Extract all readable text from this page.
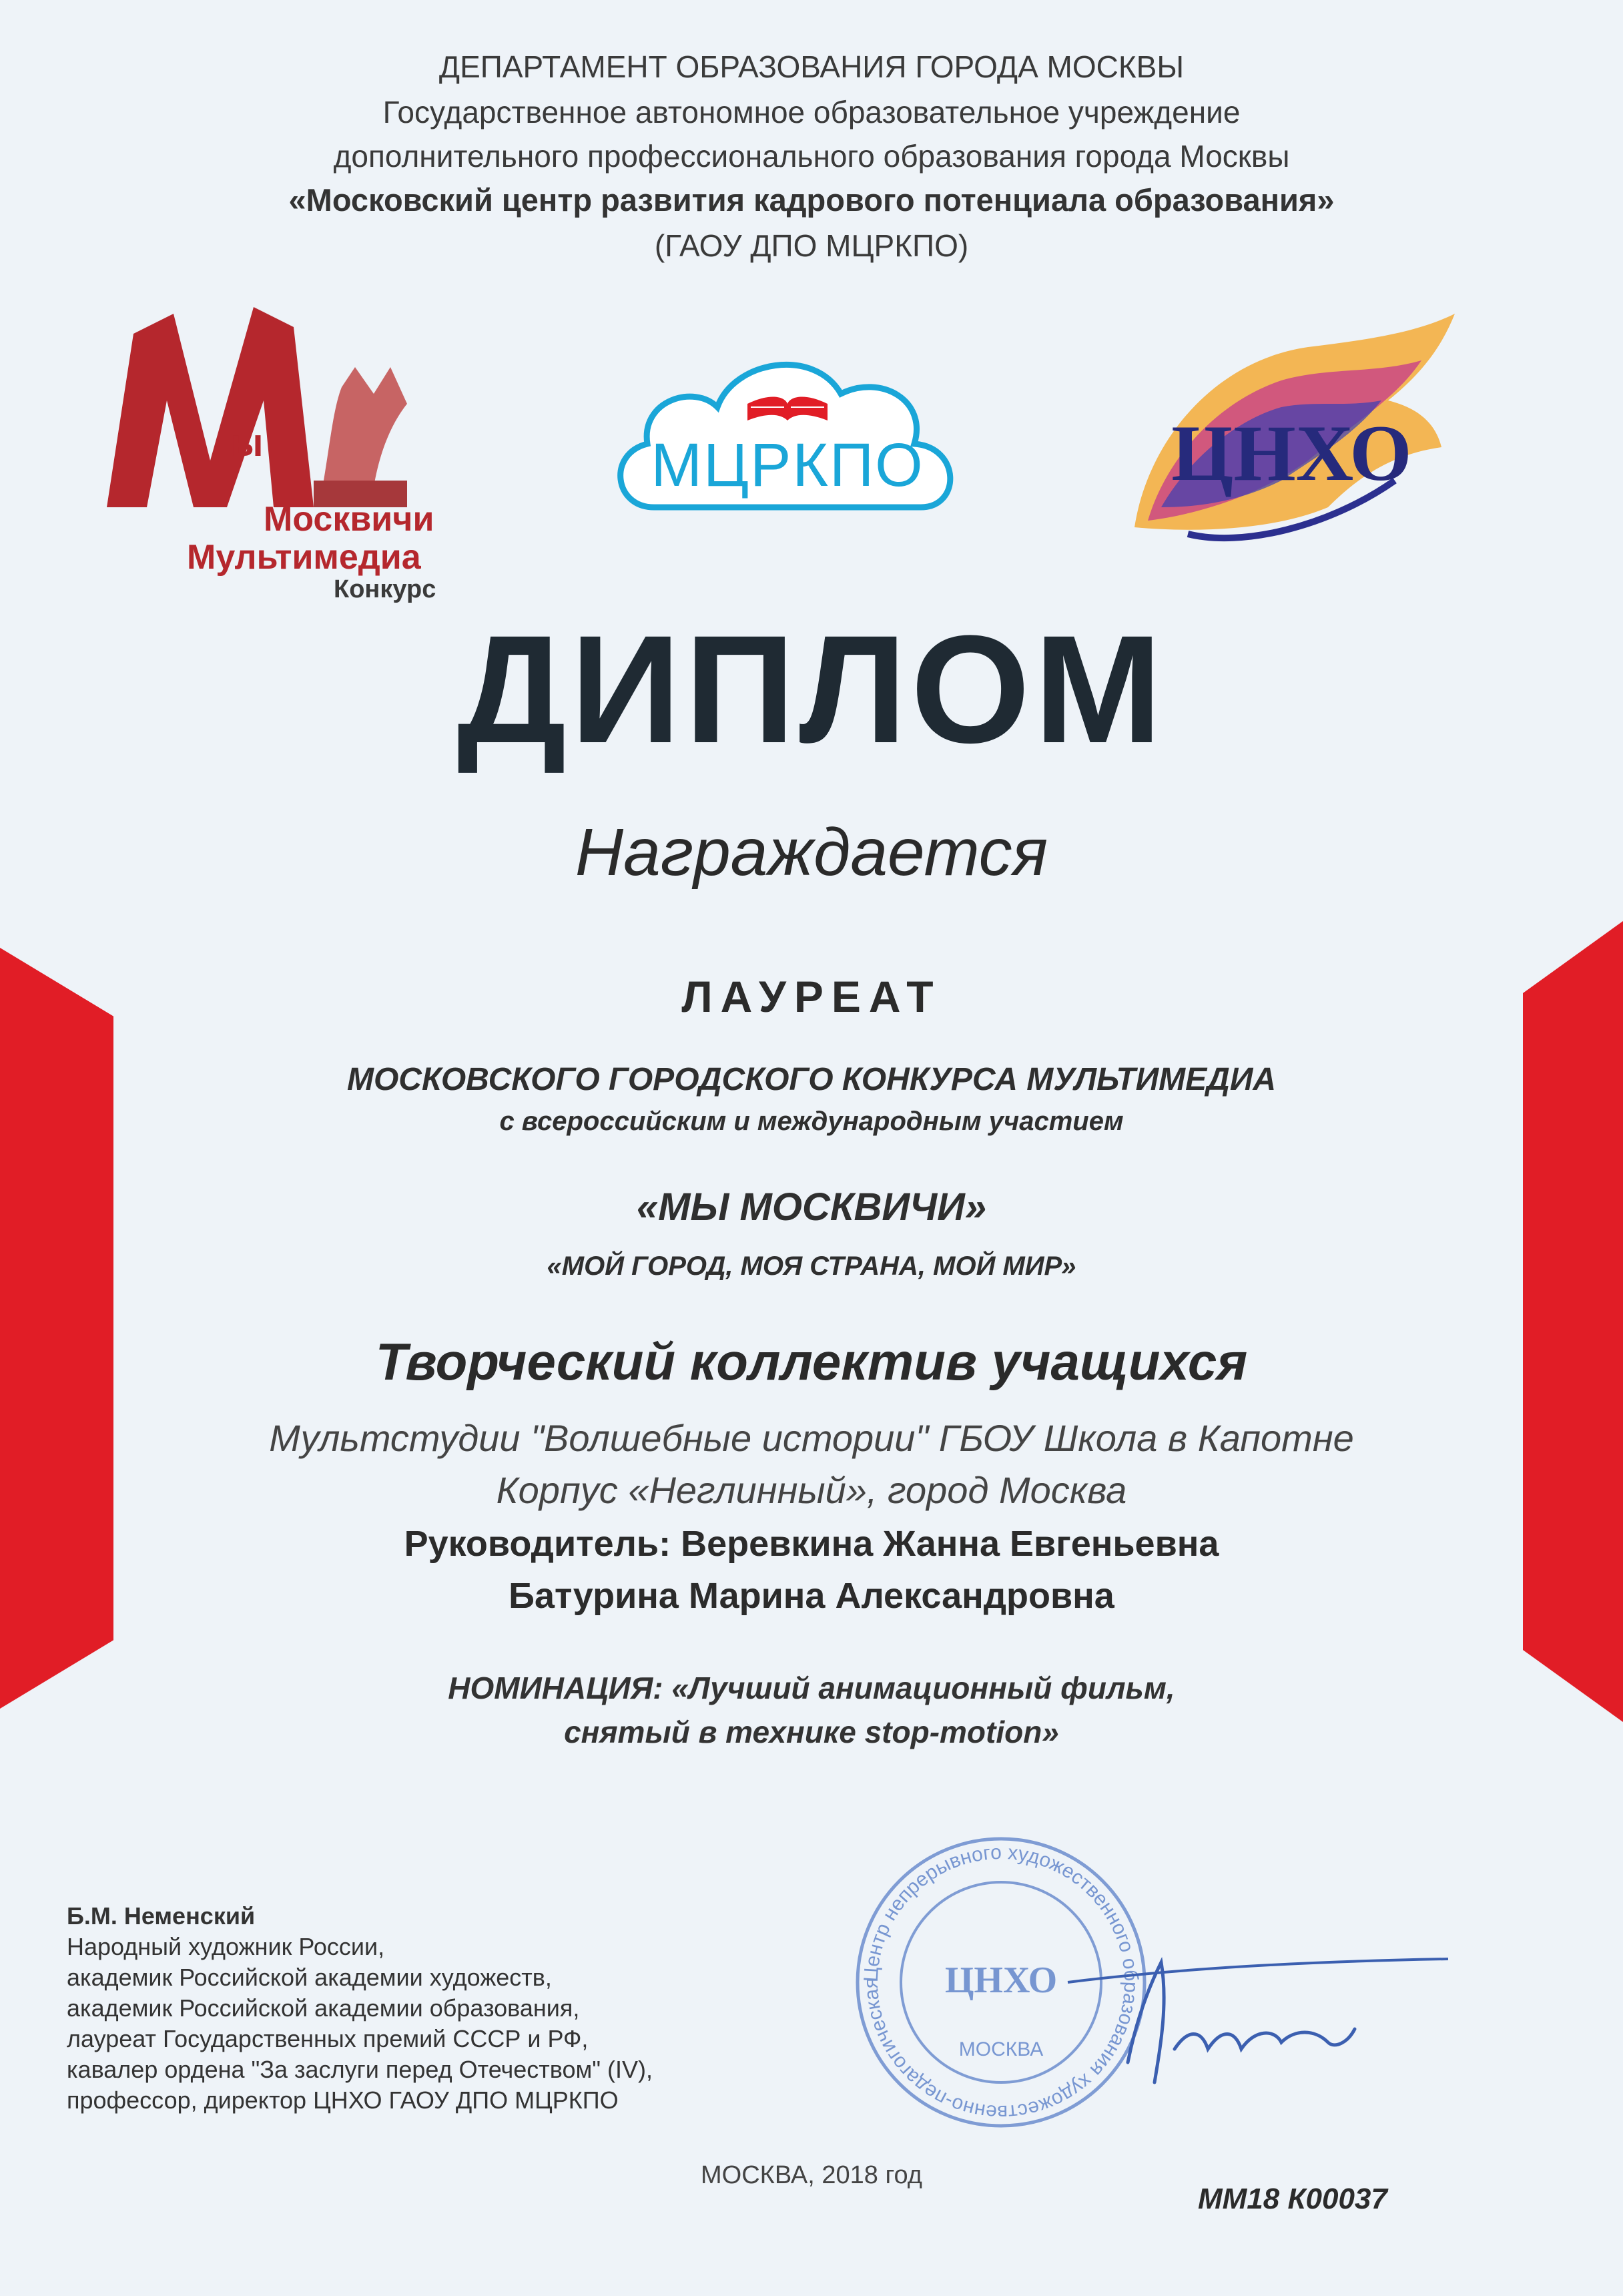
ДЕПАРТАМЕНТ ОБРАЗОВАНИЯ ГОРОДА МОСКВЫ
Государственное автономное образовательное учреждение
дополнительного профессионального образования города Москвы
«Московский центр развития кадрового потенциала образования»
(ГАОУ ДПО МЦРКПО)
ы
Москвичи
Мультимедиа
Конкурс
МЦРКПО	ЦНХО
ДИПЛОМ
Награждается
ЛАУРЕАТ
МОСКОВСКОГО ГОРОДСКОГО КОНКУРСА МУЛЬТИМЕДИА
с всероссийским и международным участием
«МЫ МОСКВИЧИ»
«МОЙ ГОРОД, МОЯ СТРАНА, МОЙ МИР»
Творческий коллектив учащихся
Мультстудии "Волшебные истории" ГБОУ Школа в Капотне
Корпус «Неглинный», город Москва
Руководитель: Веревкина Жанна Евгеньевна
Батурина Марина Александровна
НОМИНАЦИЯ: «Лучший анимационный фильм,
снятый в технике stop-motion»
Б.М. Неменский
Народный художник России,
академик Российской академии художеств,
академик Российской академии образования,
лауреат Государственных премий СССР и РФ,
кавалер ордена "За заслуги перед Отечеством" (IV),
профессор, директор ЦНХО ГАОУ ДПО МЦРКПО
Центр непрерывного художественного образования художественно-педагогическая	ЦНХО
МОСКВА
МОСКВА, 2018 год
ММ18 К00037
